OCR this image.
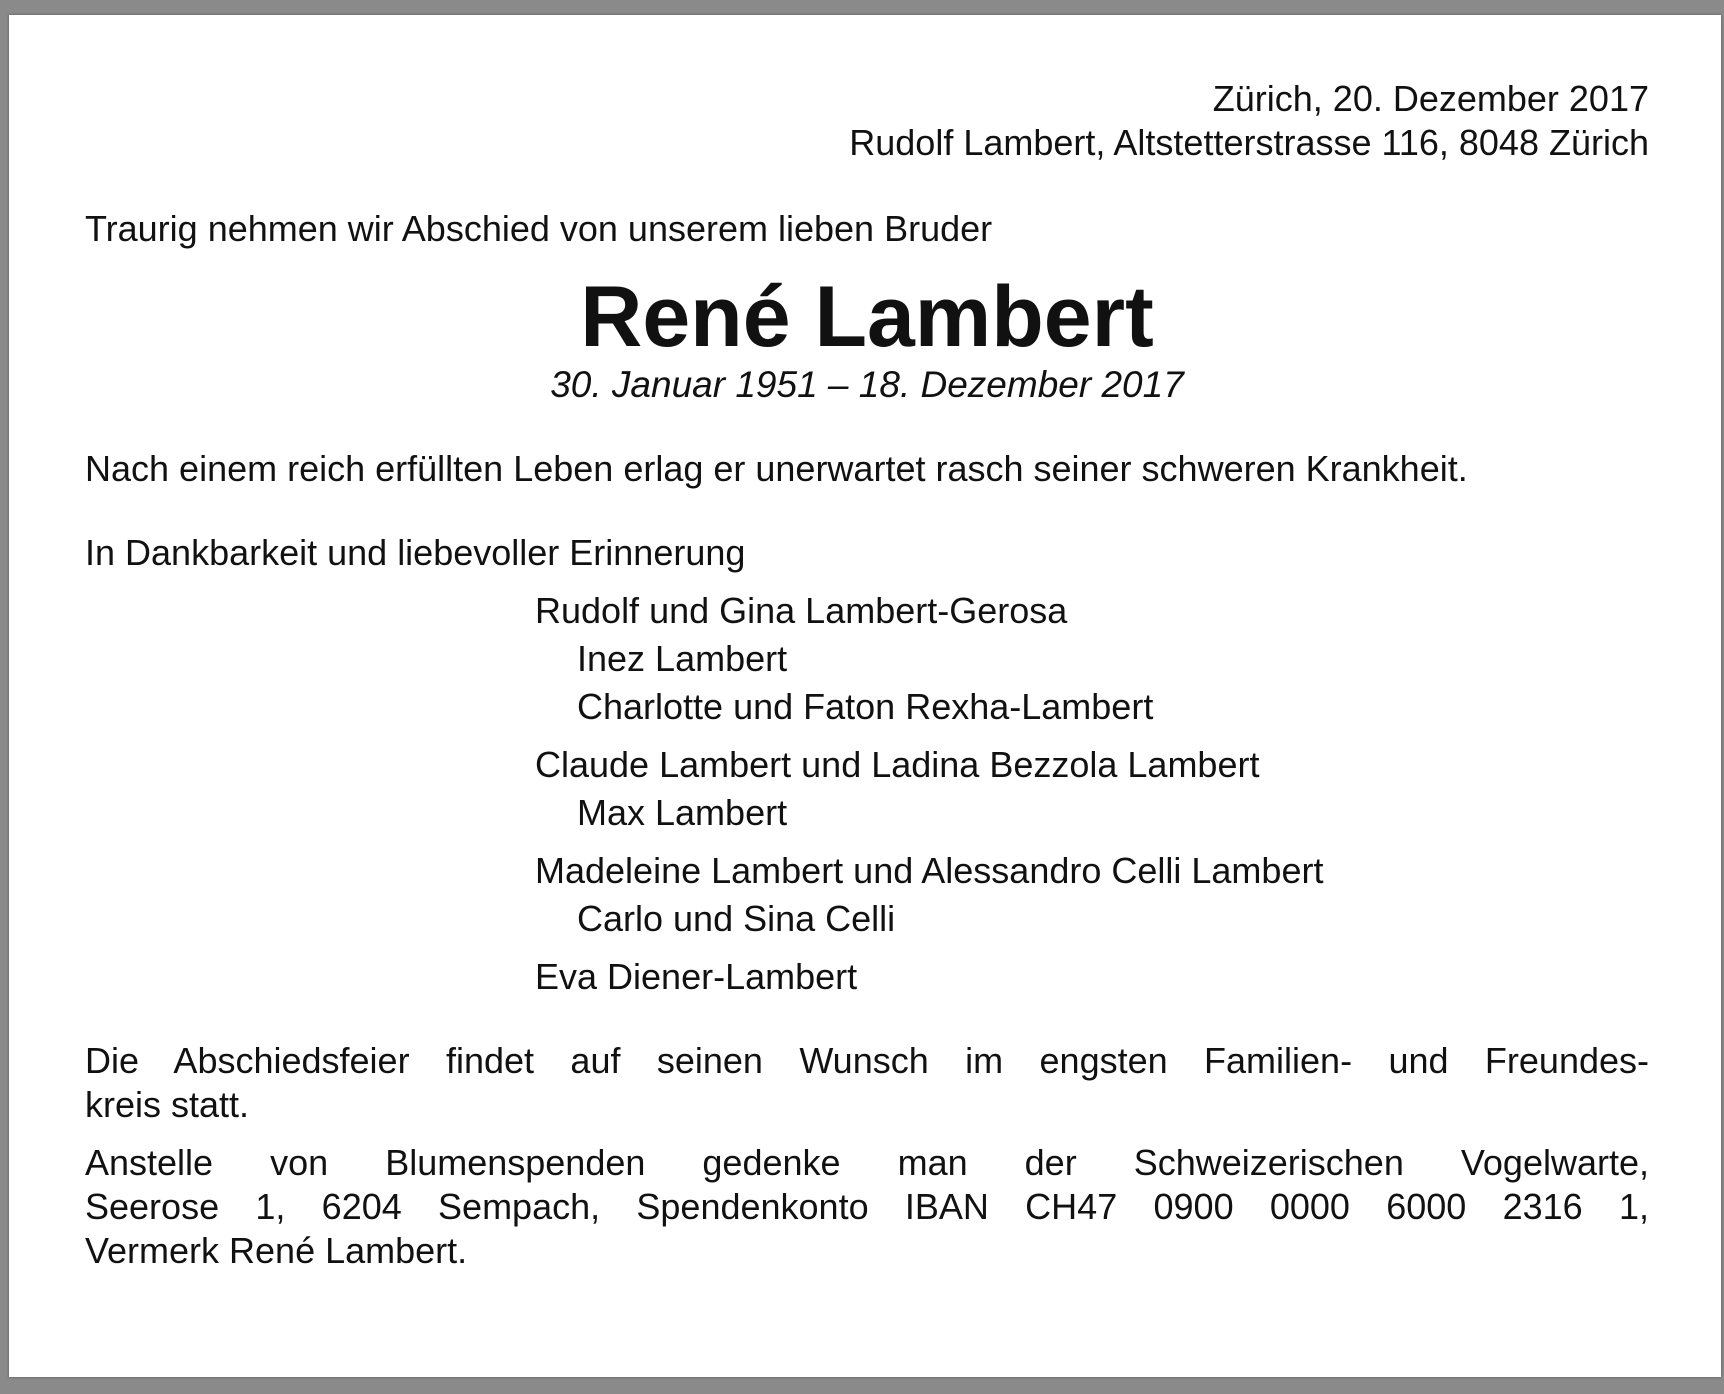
Zürich, 20. Dezember 2017
Rudolf Lambert, Altstetterstrasse 116, 8048 Zürich

Traurig nehmen wir Abschied von unserem lieben Bruder

René Lambert
30. Januar 1951 – 18. Dezember 2017

Nach einem reich erfüllten Leben erlag er unerwartet rasch seiner schweren Krankheit.

In Dankbarkeit und liebevoller Erinnerung

Rudolf und Gina Lambert-Gerosa
Inez Lambert
Charlotte und Faton Rexha-Lambert
Claude Lambert und Ladina Bezzola Lambert
Max Lambert
Madeleine Lambert und Alessandro Celli Lambert
Carlo und Sina Celli
Eva Diener-Lambert
Die Abschiedsfeier findet auf seinen Wunsch im engsten Familien- und Freundes-
kreis statt.
Anstelle von Blumenspenden gedenke man der Schweizerischen Vogelwarte,
Seerose 1, 6204 Sempach, Spendenkonto IBAN CH47 0900 0000 6000 2316 1,
Vermerk René Lambert.
